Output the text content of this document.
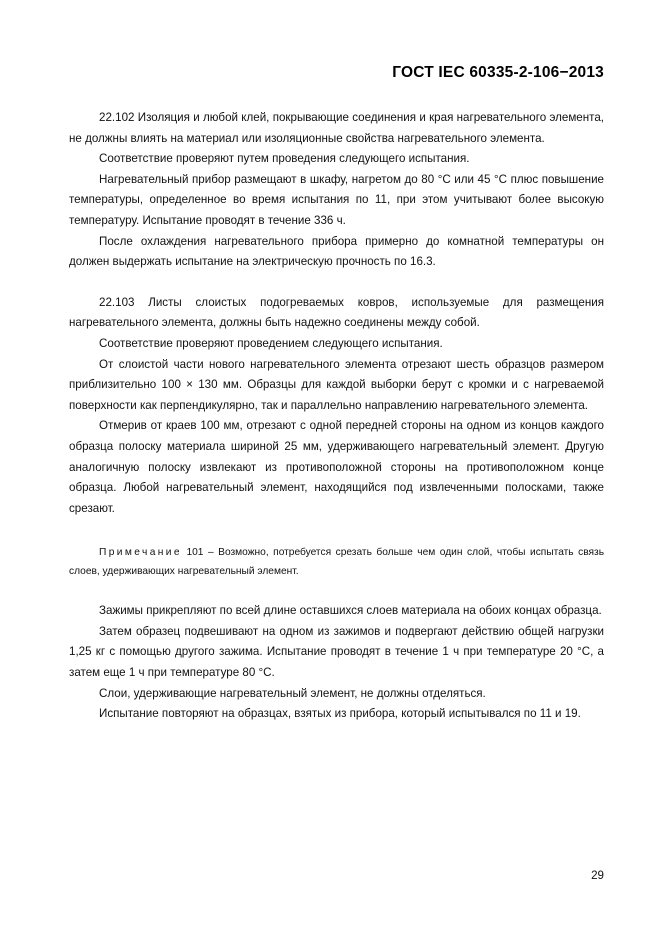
ГОСТ IEC 60335-2-106−2013

22.102 Изоляция и любой клей, покрывающие соединения и края нагревательного элемента, не должны влиять на материал или изоляционные свойства нагревательного элемента.

Соответствие проверяют путем проведения следующего испытания.

Нагревательный прибор размещают в шкафу, нагретом до 80 °С или 45 °С плюс повышение температуры, определенное во время испытания по 11, при этом учитывают более высокую температуру. Испытание проводят в течение 336 ч.

После охлаждения нагревательного прибора примерно до комнатной температуры он должен выдержать испытание на электрическую прочность по 16.3.

22.103 Листы слоистых подогреваемых ковров, используемые для размещения нагревательного элемента, должны быть надежно соединены между собой.

Соответствие проверяют проведением следующего испытания.

От слоистой части нового нагревательного элемента отрезают шесть образцов размером приблизительно 100 × 130 мм. Образцы для каждой выборки берут с кромки и с нагреваемой поверхности как перпендикулярно, так и параллельно направлению нагревательного элемента.

Отмерив от краев 100 мм, отрезают с одной передней стороны на одном из концов каждого образца полоску материала шириной 25 мм, удерживающего нагревательный элемент. Другую аналогичную полоску извлекают из противоположной стороны на противоположном конце образца. Любой нагревательный элемент, находящийся под извлеченными полосками, также срезают.

Примечание 101 – Возможно, потребуется срезать больше чем один слой, чтобы испытать связь слоев, удерживающих нагревательный элемент.

Зажимы прикрепляют по всей длине оставшихся слоев материала на обоих концах образца.

Затем образец подвешивают на одном из зажимов и подвергают действию общей нагрузки 1,25 кг с помощью другого зажима. Испытание проводят в течение 1 ч при температуре 20 °С, а затем еще 1 ч при температуре 80 °С.

Слои, удерживающие нагревательный элемент, не должны отделяться.

Испытание повторяют на образцах, взятых из прибора, который испытывался по 11 и 19.

29
